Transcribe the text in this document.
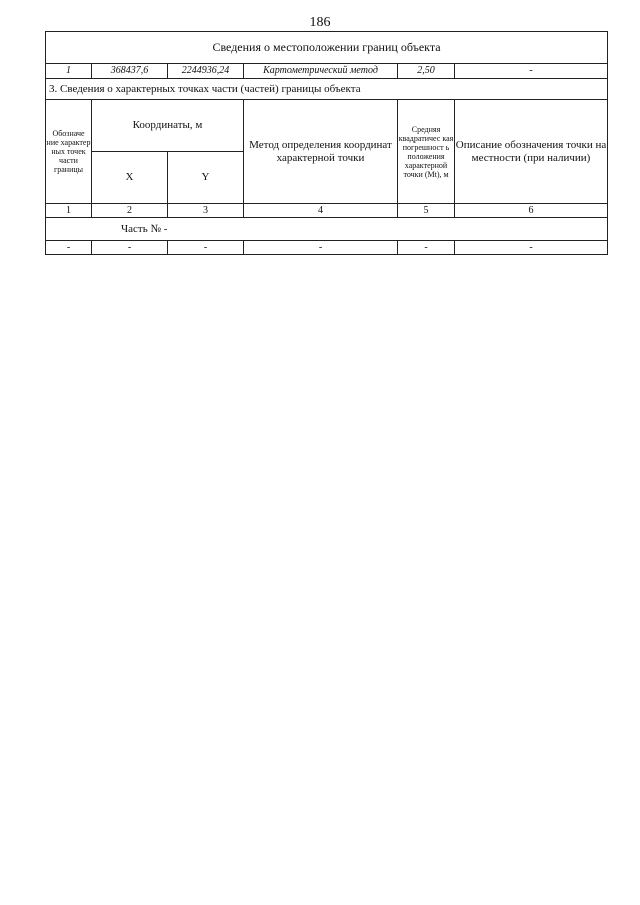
186
Сведения о местоположении границ объекта
1	368437,6	2244936,24	Картометрический метод	2,50	-
3. Сведения о характерных точках части (частей) границы объекта					
Обозначе ние характер ных точек части границы	Координаты, м		Метод определения координат характерной точки	Средняя квадратичес кая погрешност ь положения характерной точки (Mt), м	Описание обозначения точки на местности (при наличии)
	X	Y			
1	2	3	4	5	6
Часть № -					
-	-	-	-	-	-
